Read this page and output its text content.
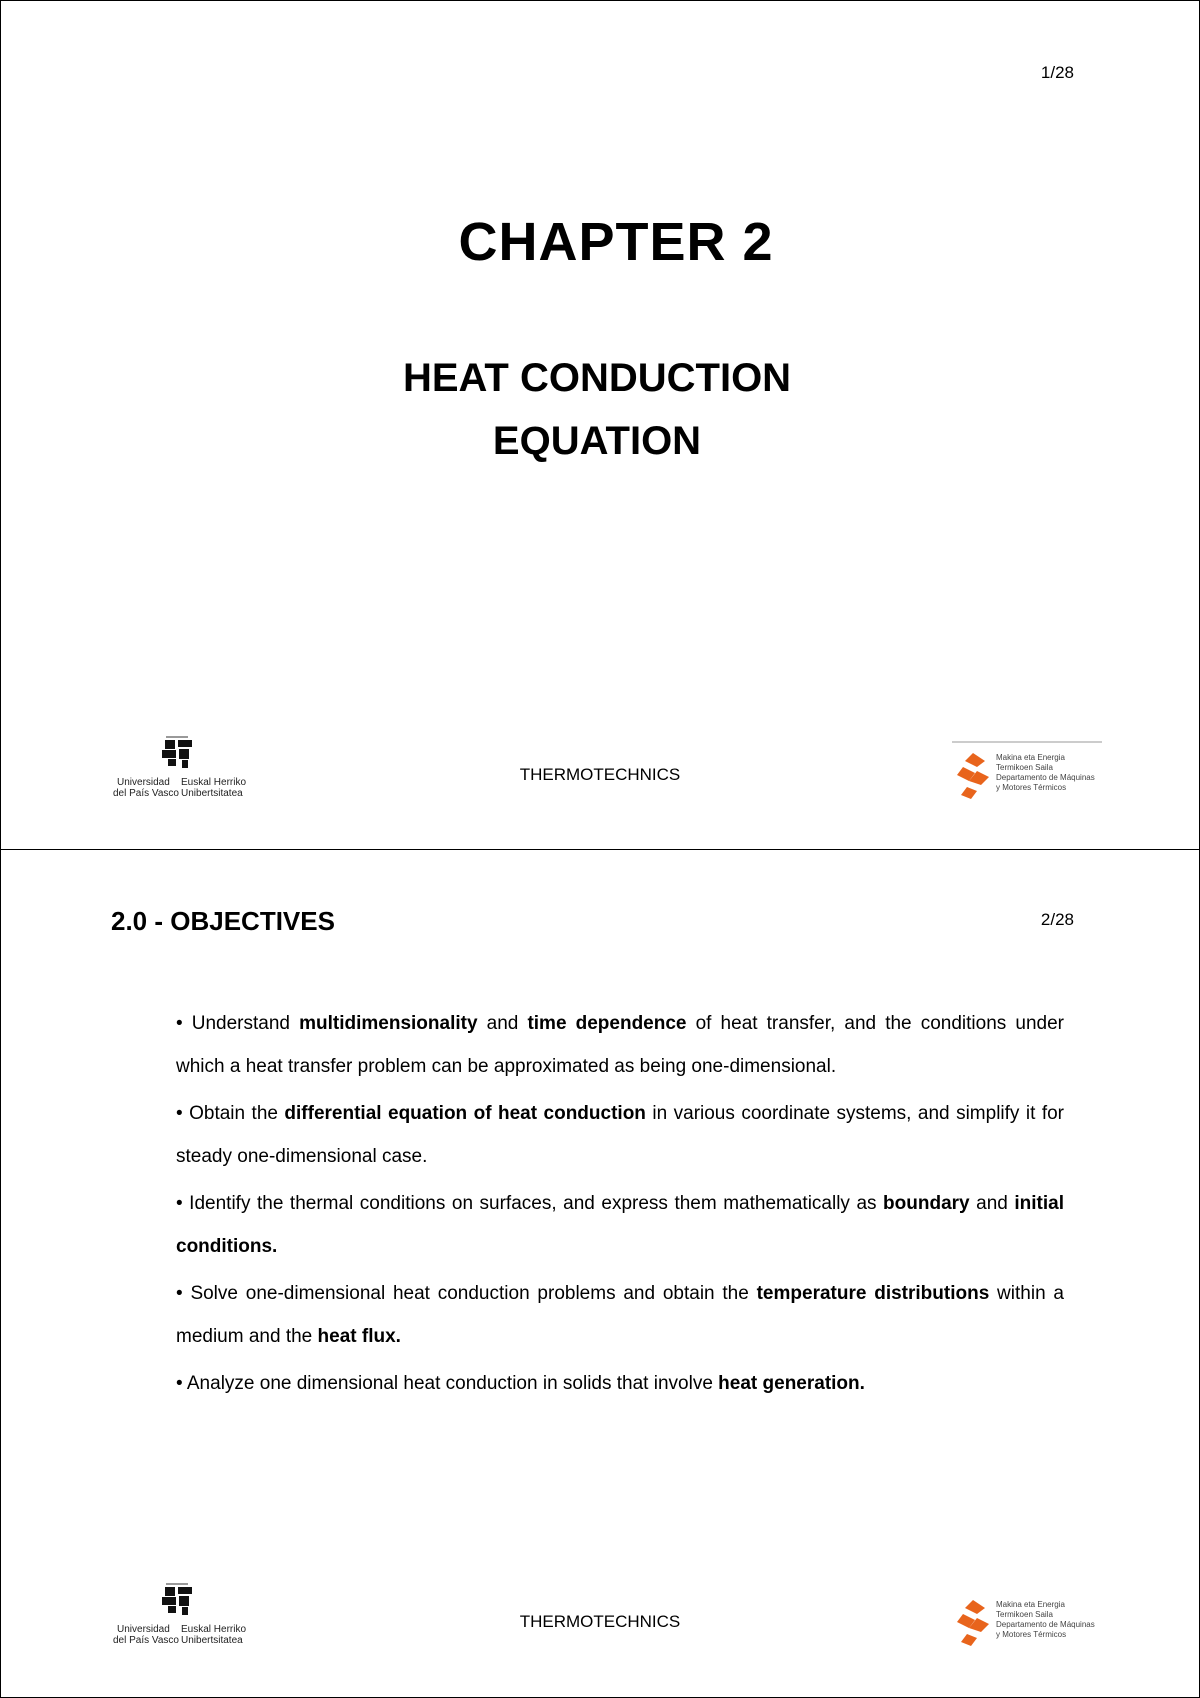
1/28
CHAPTER 2
HEAT CONDUCTION
EQUATION
Universidad
del País Vasco
Euskal Herriko
Unibertsitatea
THERMOTECHNICS
Makina eta Energia
Termikoen Saila
Departamento de Máquinas
y Motores Térmicos
2.0 - OBJECTIVES	2/28
• Understand multidimensionality and time dependence of heat transfer, and the conditions under which a heat transfer problem can be approximated as being one-dimensional.
• Obtain the differential equation of heat conduction in various coordinate systems, and simplify it for steady one-dimensional case.
• Identify the thermal conditions on surfaces, and express them mathematically as boundary and initial conditions.
• Solve one-dimensional heat conduction problems and obtain the temperature distributions within a medium and the heat flux.
• Analyze one dimensional heat conduction in solids that involve heat generation.
Universidad
del País Vasco
Euskal Herriko
Unibertsitatea
THERMOTECHNICS
Makina eta Energia
Termikoen Saila
Departamento de Máquinas
y Motores Térmicos
